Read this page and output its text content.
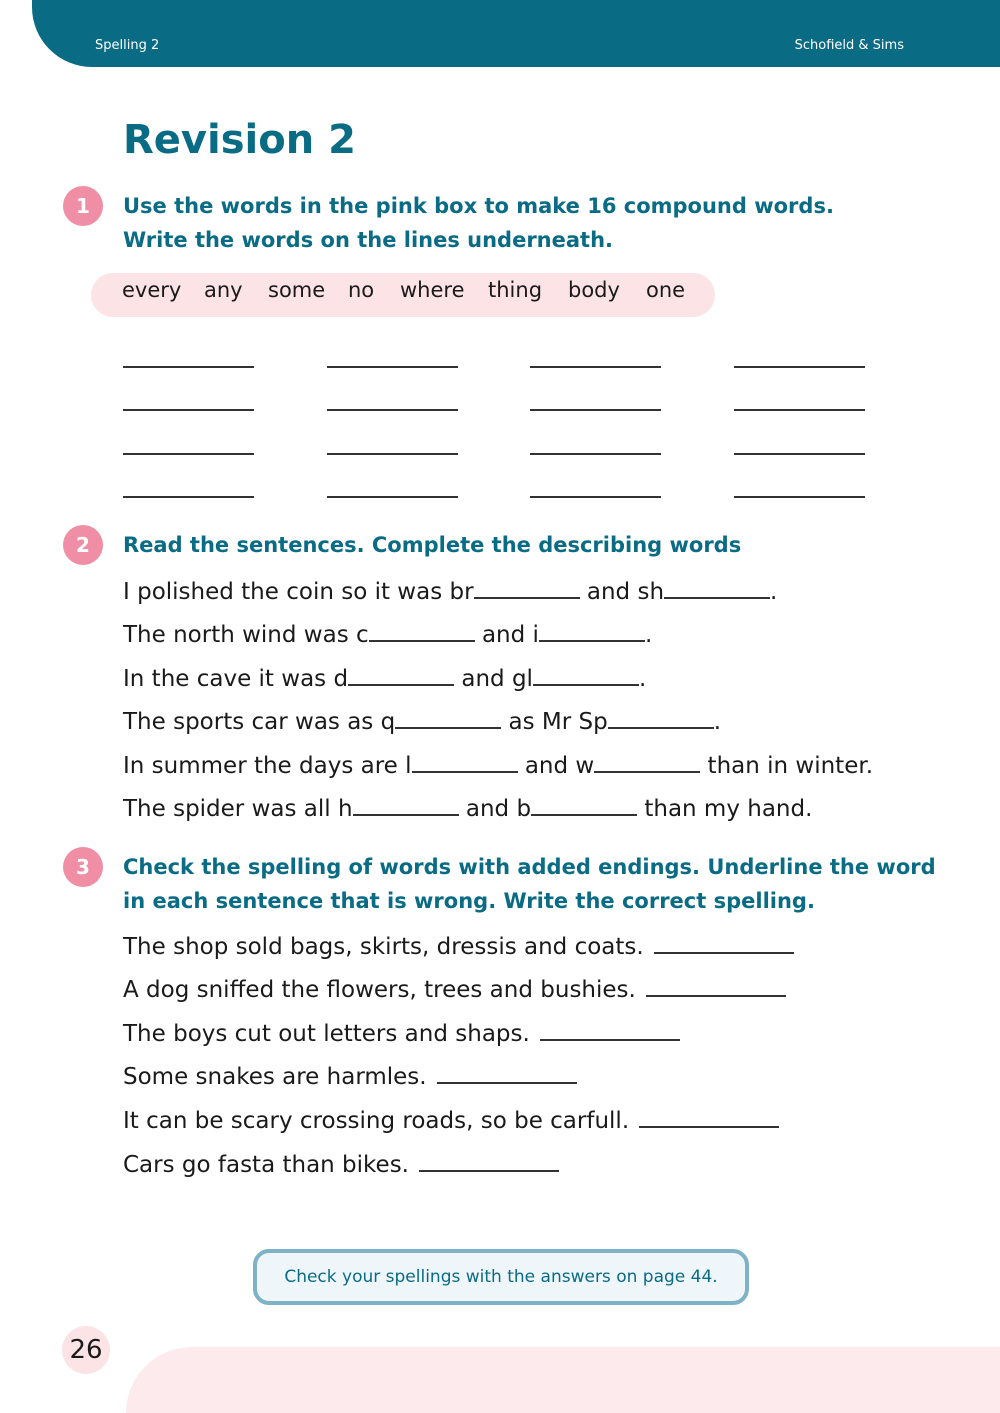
Spelling 2	Schofield & Sims
Revision 2
1	Use the words in the pink box to make 16 compound words.
Write the words on the lines underneath.
every any some no where thing body one
2	Read the sentences. Complete the describing words
I polished the coin so it was br	and sh	.
The north wind was c	and i	.
In the cave it was d	and gl	.
The sports car was as q	as Mr Sp	.
In summer the days are l	and w	than in winter.
The spider was all h	and b	than my hand.
3	Check the spelling of words with added endings. Underline the word
in each sentence that is wrong. Write the correct spelling.
The shop sold bags, skirts, dressis and coats.
A dog sniffed the flowers, trees and bushies.
The boys cut out letters and shaps.
Some snakes are harmles.
It can be scary crossing roads, so be carfull.
Cars go fasta than bikes.
Check your spellings with the answers on page 44.
26
